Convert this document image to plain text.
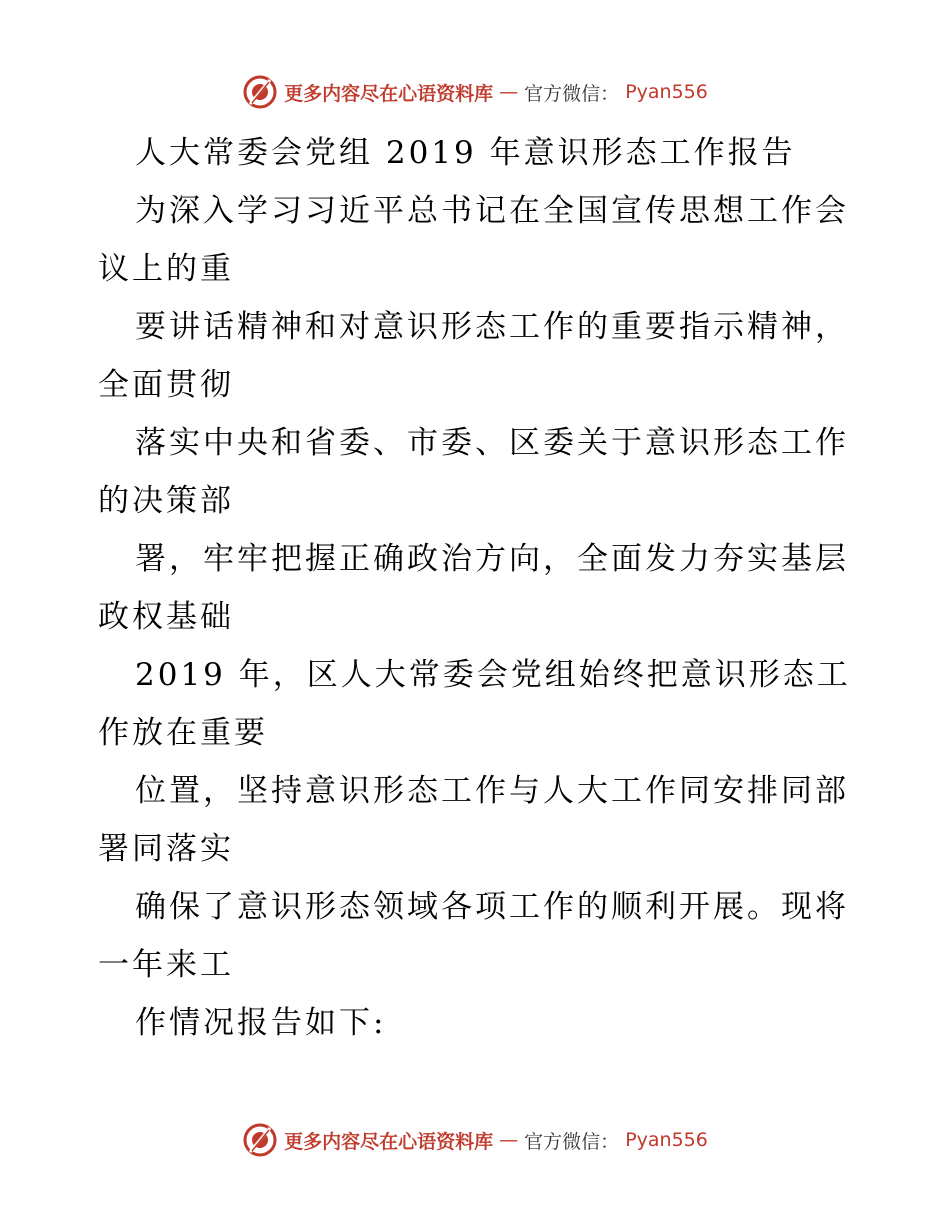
更多内容尽在心语资料库 — 官方微信： Pyan556
人大常委会党组 2019 年意识形态工作报告
为深入学习习近平总书记在全国宣传思想工作会
议上的重
要讲话精神和对意识形态工作的重要指示精神，
全面贯彻
落实中央和省委、市委、区委关于意识形态工作
的决策部
署，牢牢把握正确政治方向，全面发力夯实基层
政权基础
2019 年，区人大常委会党组始终把意识形态工
作放在重要
位置，坚持意识形态工作与人大工作同安排同部
署同落实
确保了意识形态领域各项工作的顺利开展。现将
一年来工
作情况报告如下:
更多内容尽在心语资料库 — 官方微信： Pyan556
